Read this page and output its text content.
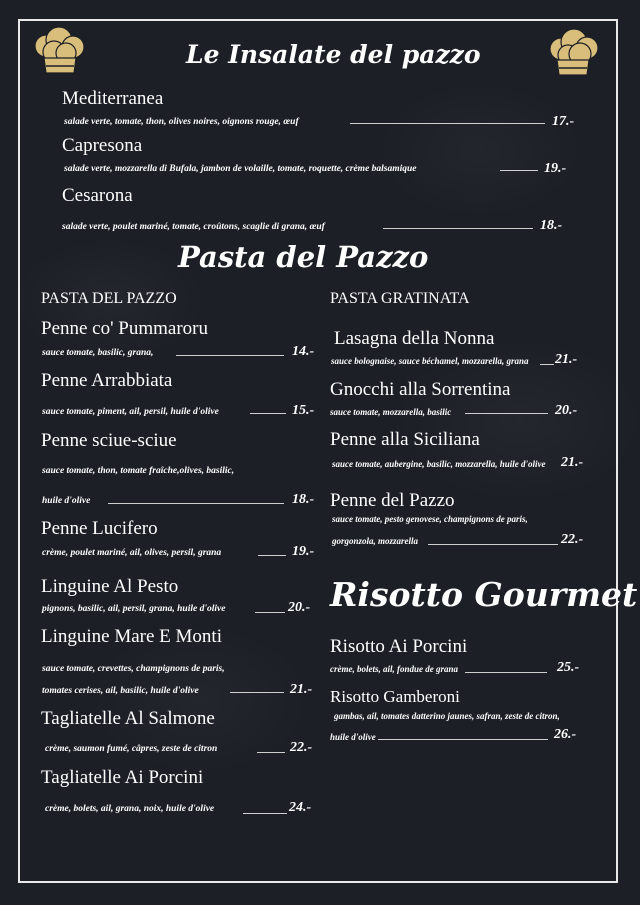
Le Insalate del pazzo
Pasta del Pazzo
Risotto Gourmet
Mediterranea
salade verte, tomate, thon, olives noires, oignons rouge, œuf	17.-
Capresona
salade verte, mozzarella di Bufala, jambon de volaille, tomate, roquette, crème balsamique	19.-
Cesarona
salade verte, poulet mariné, tomate, croûtons, scaglie di grana, œuf	18.-
PASTA DEL PAZZO	PASTA GRATINATA
Penne co' Pummaroru
sauce tomate, basilic, grana,	14.-
Penne Arrabbiata
sauce tomate, piment, ail, persil, huile d'olive	15.-
Penne sciue-sciue
sauce tomate, thon, tomate fraîche,olives, basilic,
huile d'olive	18.-
Penne Lucifero
crème, poulet mariné, ail, olives, persil, grana	19.-
Linguine Al Pesto
pignons, basilic, ail, persil, grana, huile d'olive	20.-
Linguine Mare E Monti
sauce tomate, crevettes, champignons de paris,
tomates cerises, ail, basilic, huile d'olive	21.-
Tagliatelle Al Salmone
crème, saumon fumé, câpres, zeste de citron	22.-
Tagliatelle Ai Porcini
crème, bolets, ail, grana, noix, huile d'olive	24.-
Lasagna della Nonna
sauce bolognaise, sauce béchamel, mozzarella, grana 21.-
Gnocchi alla Sorrentina
sauce tomate, mozzarella, basilic	20.-
Penne alla Siciliana
sauce tomate, aubergine, basilic, mozzarella, huile d'olive 21.-
Penne del Pazzo
sauce tomate, pesto genovese, champignons de paris,
gorgonzola, mozzarella	22.-
Risotto Ai Porcini
crème, bolets, ail, fondue de grana	25.-
Risotto Gamberoni
gambas, ail, tomates datterino jaunes, safran, zeste de citron,
huile d'olive	26.-
